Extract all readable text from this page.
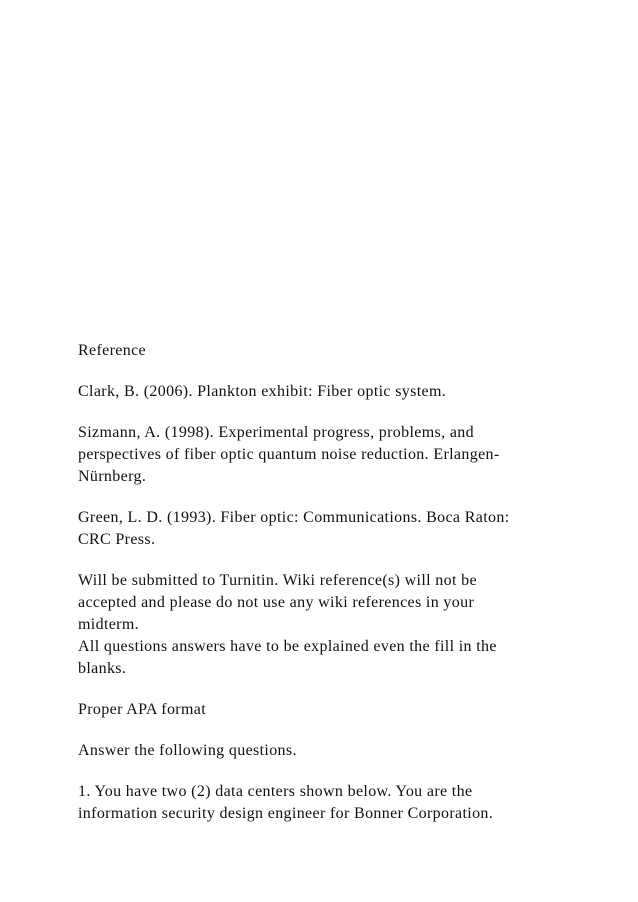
Reference

Clark, B. (2006). Plankton exhibit: Fiber optic system.

Sizmann, A. (1998). Experimental progress, problems, and
perspectives of fiber optic quantum noise reduction. Erlangen-
Nürnberg.

Green, L. D. (1993). Fiber optic: Communications. Boca Raton:
CRC Press.

Will be submitted to Turnitin. Wiki reference(s) will not be
accepted and please do not use any wiki references in your
midterm.

All questions answers have to be explained even the fill in the
blanks.

Proper APA format

Answer the following questions.

1. You have two (2) data centers shown below. You are the
information security design engineer for Bonner Corporation.
